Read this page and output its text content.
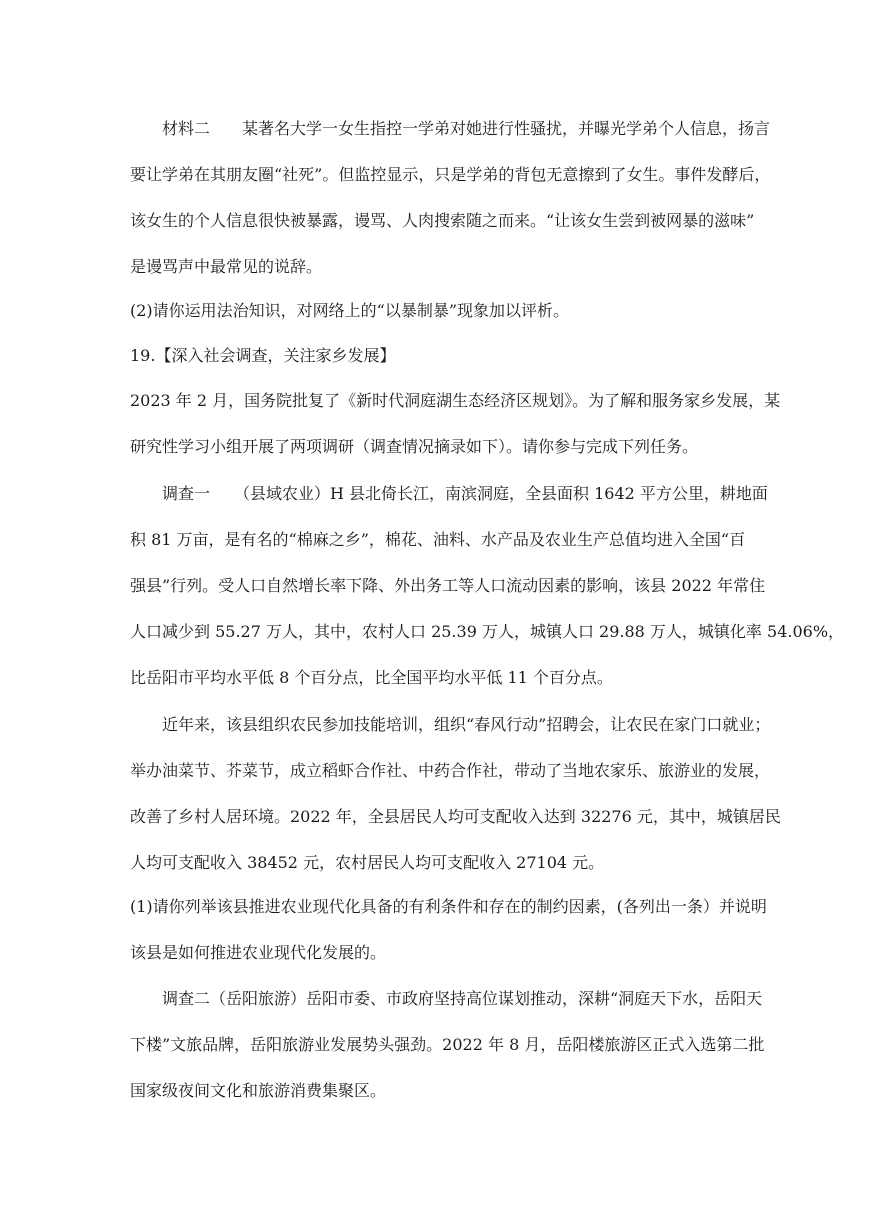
材料二　　某著名大学一女生指控一学弟对她进行性骚扰，并曝光学弟个人信息，扬言
要让学弟在其朋友圈“社死”。但监控显示，只是学弟的背包无意擦到了女生。事件发酵后，
该女生的个人信息很快被暴露，谩骂、人肉搜索随之而来。“让该女生尝到被网暴的滋味”
是谩骂声中最常见的说辞。
(2)请你运用法治知识，对网络上的“以暴制暴”现象加以评析。
19.【深入社会调查，关注家乡发展】
2023 年 2 月，国务院批复了《新时代洞庭湖生态经济区规划》。为了解和服务家乡发展，某
研究性学习小组开展了两项调研（调查情况摘录如下）。请你参与完成下列任务。
调查一　　（县域农业）H 县北倚长江，南滨洞庭，全县面积 1642 平方公里，耕地面
积 81 万亩，是有名的“棉麻之乡”，棉花、油料、水产品及农业生产总值均进入全国“百
强县”行列。受人口自然增长率下降、外出务工等人口流动因素的影响，该县 2022 年常住
人口减少到 55.27 万人，其中，农村人口 25.39 万人，城镇人口 29.88 万人，城镇化率 54.06%，
比岳阳市平均水平低 8 个百分点，比全国平均水平低 11 个百分点。
近年来，该县组织农民参加技能培训，组织“春风行动”招聘会，让农民在家门口就业；
举办油菜节、芥菜节，成立稻虾合作社、中药合作社，带动了当地农家乐、旅游业的发展，
改善了乡村人居环境。2022 年，全县居民人均可支配收入达到 32276 元，其中，城镇居民
人均可支配收入 38452 元，农村居民人均可支配收入 27104 元。
(1)请你列举该县推进农业现代化具备的有利条件和存在的制约因素，(各列出一条）并说明
该县是如何推进农业现代化发展的。
调查二（岳阳旅游）岳阳市委、市政府坚持高位谋划推动，深耕“洞庭天下水，岳阳天
下楼”文旅品牌，岳阳旅游业发展势头强劲。2022 年 8 月，岳阳楼旅游区正式入选第二批
国家级夜间文化和旅游消费集聚区。
